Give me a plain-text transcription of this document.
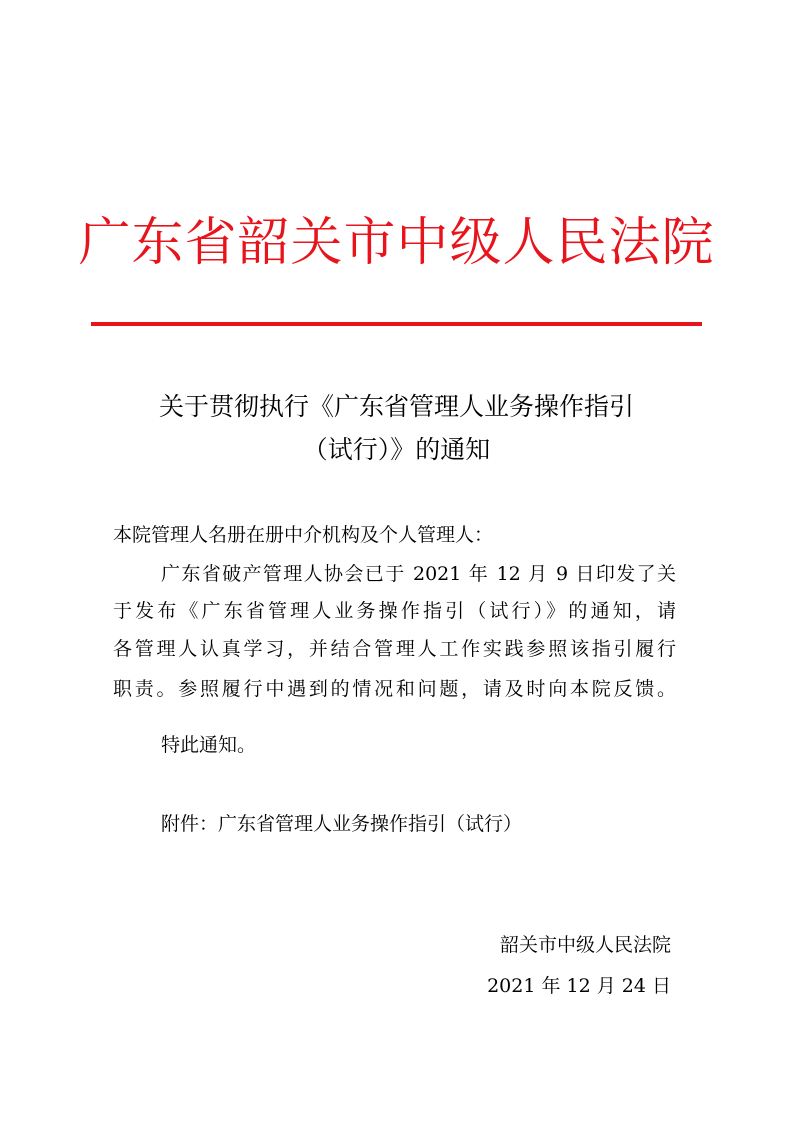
广东省韶关市中级人民法院
关于贯彻执行《广东省管理人业务操作指引
（试行）》的通知
本院管理人名册在册中介机构及个人管理人：
广东省破产管理人协会已于 2021 年 12 月 9 日印发了关
于发布《广东省管理人业务操作指引（试行）》的通知，请
各管理人认真学习，并结合管理人工作实践参照该指引履行
职责。参照履行中遇到的情况和问题，请及时向本院反馈。
特此通知。
附件：广东省管理人业务操作指引（试行）
韶关市中级人民法院
2021 年 12 月 24 日
